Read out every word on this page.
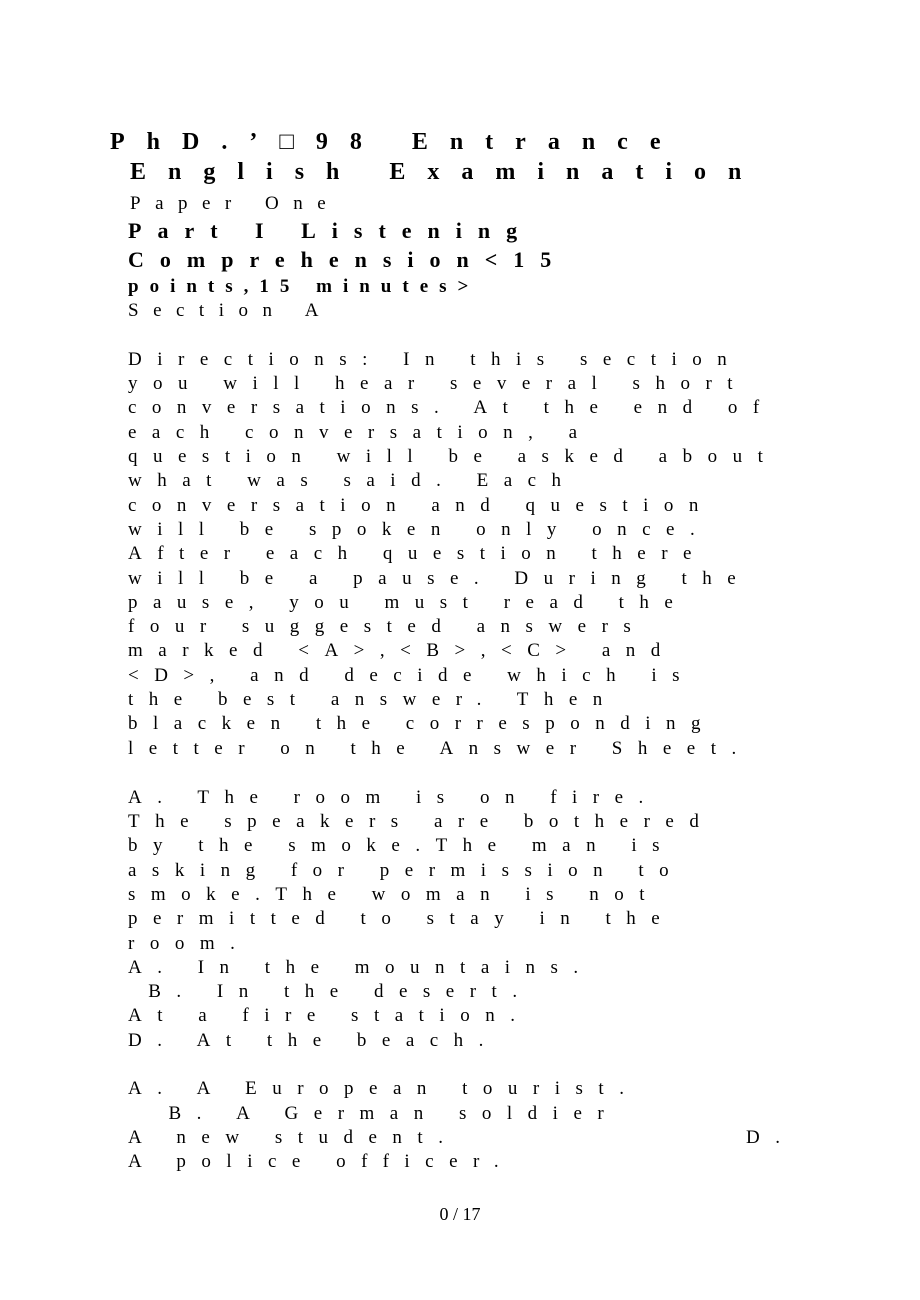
PhD.’□98 Entrance
English Examination
Paper One
Part I Listening
Comprehension<15
points,15 minutes>
Section A
Directions: In this section
you will hear several short
conversations. At the end of
each conversation, a
question will be asked about
what was said. Each
conversation and question
will be spoken only once.
After each question there
will be a pause. During the
pause, you must read the
four suggested answers
marked <A>,<B>,<C> and
<D>, and decide which is
the best answer. Then
blacken the corresponding
letter on the Answer Sheet.
A. The room is on fire.
The speakers are bothered
by the smoke.The man is
asking for permission to
smoke.The woman is not
permitted to stay in the
room.
A. In the mountains.
B. In the desert.
At a fire station.
D. At the beach.
A. A European tourist.
B. A German soldier
A new student.	D.
A police officer.
0 / 17
